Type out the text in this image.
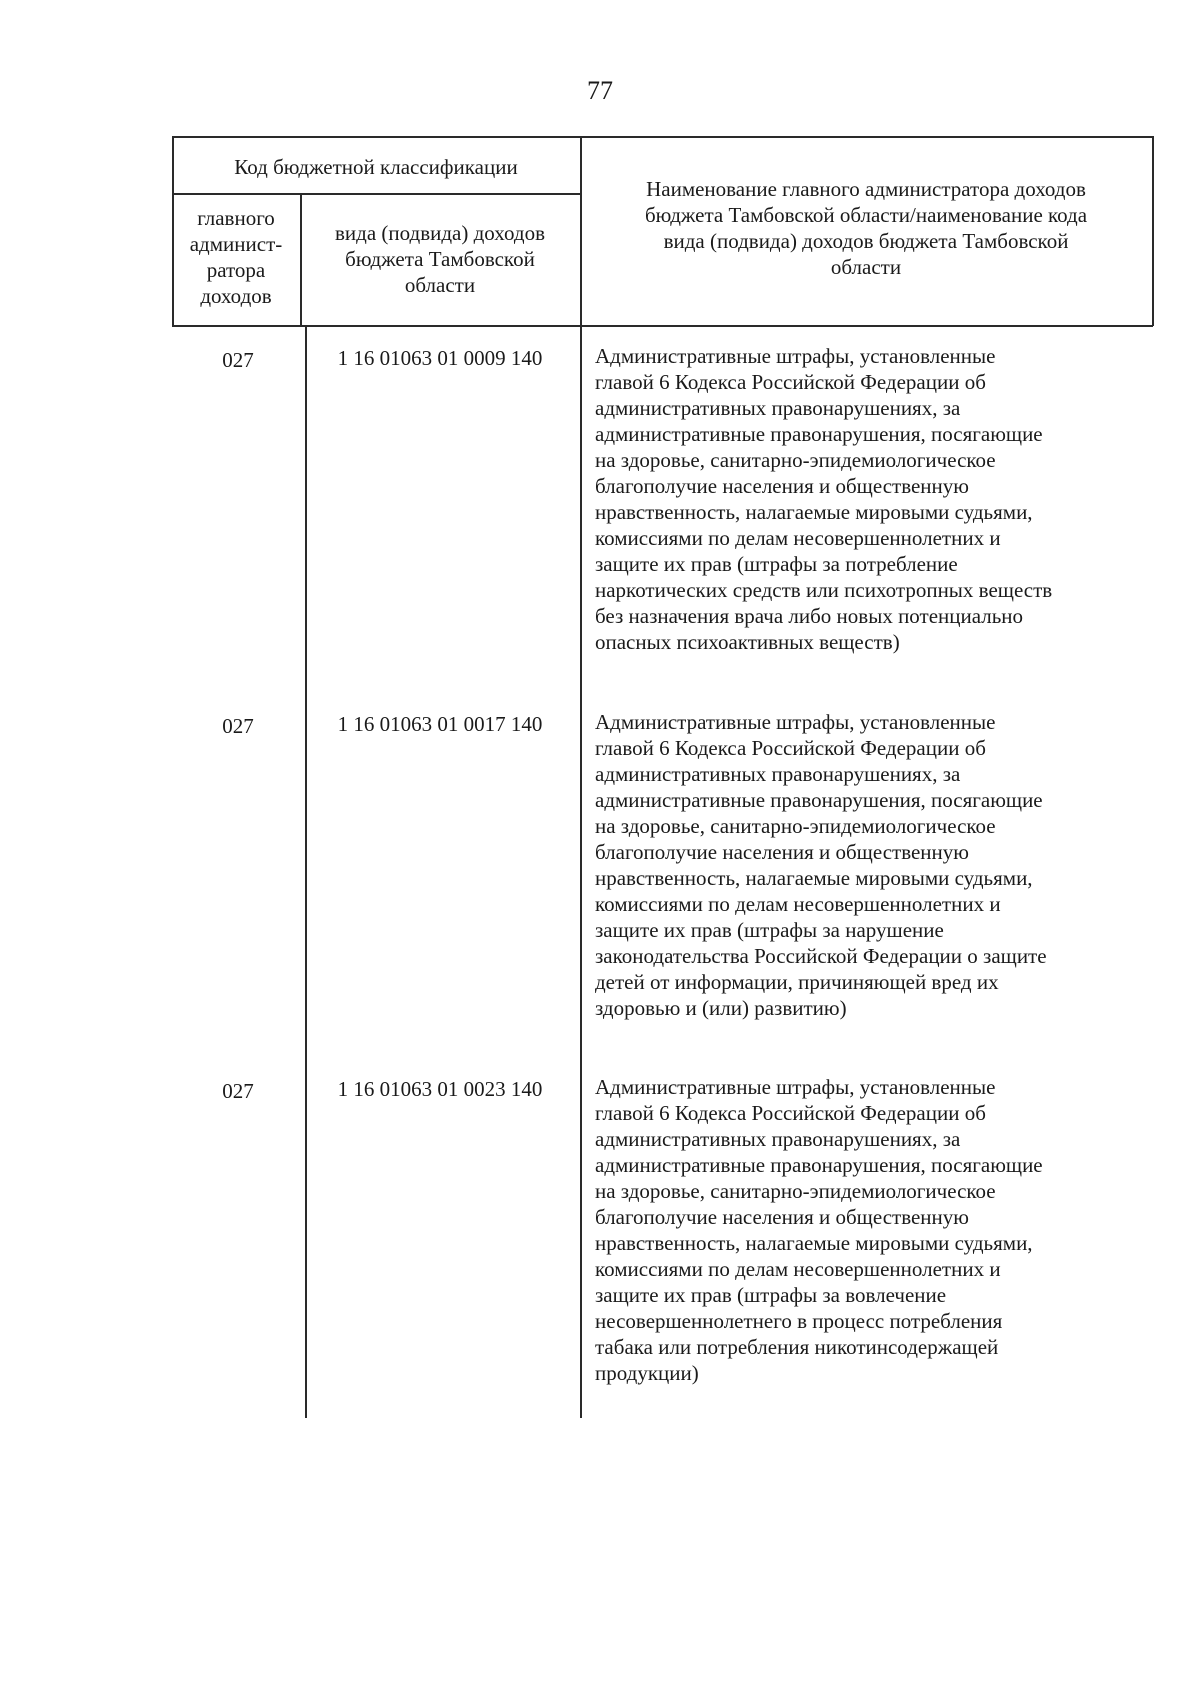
77
Код бюджетной классификации
главного
админист-
ратора
доходов
вида (подвида) доходов
бюджета Тамбовской
области
Наименование главного администратора доходов
бюджета Тамбовской области/наименование кода
вида (подвида) доходов бюджета Тамбовской
области
027	1 16 01063 01 0009 140	Административные штрафы, установленные
главой 6 Кодекса Российской Федерации об
административных правонарушениях, за
административные правонарушения, посягающие
на здоровье, санитарно-эпидемиологическое
благополучие населения и общественную
нравственность, налагаемые мировыми судьями,
комиссиями по делам несовершеннолетних и
защите их прав (штрафы за потребление
наркотических средств или психотропных веществ
без назначения врача либо новых потенциально
опасных психоактивных веществ)
027	1 16 01063 01 0017 140	Административные штрафы, установленные
главой 6 Кодекса Российской Федерации об
административных правонарушениях, за
административные правонарушения, посягающие
на здоровье, санитарно-эпидемиологическое
благополучие населения и общественную
нравственность, налагаемые мировыми судьями,
комиссиями по делам несовершеннолетних и
защите их прав (штрафы за нарушение
законодательства Российской Федерации о защите
детей от информации, причиняющей вред их
здоровью и (или) развитию)
027	1 16 01063 01 0023 140	Административные штрафы, установленные
главой 6 Кодекса Российской Федерации об
административных правонарушениях, за
административные правонарушения, посягающие
на здоровье, санитарно-эпидемиологическое
благополучие населения и общественную
нравственность, налагаемые мировыми судьями,
комиссиями по делам несовершеннолетних и
защите их прав (штрафы за вовлечение
несовершеннолетнего в процесс потребления
табака или потребления никотинсодержащей
продукции)
